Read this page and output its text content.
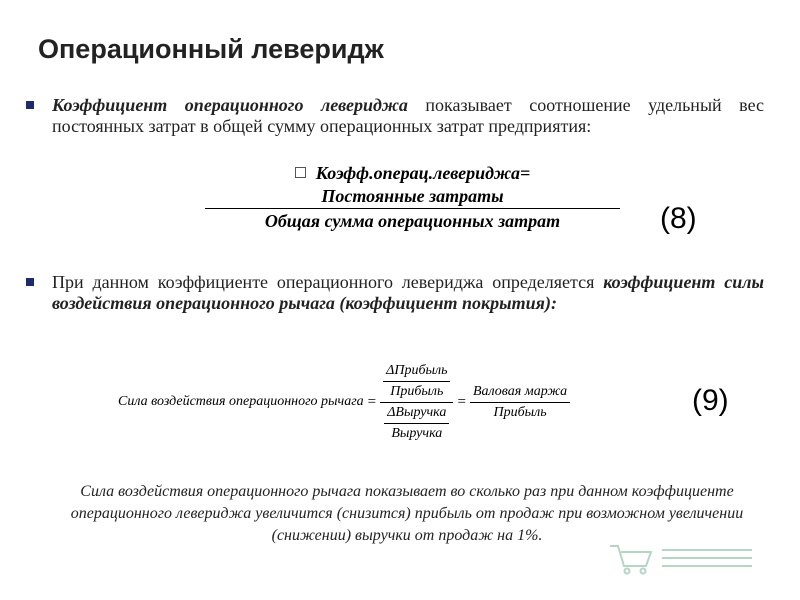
Операционный леверидж
Коэффициент операционного левериджа показывает соотношение удельный вес постоянных затрат в общей сумму операционных затрат предприятия:
Коэфф.операц.левериджа=
Постоянные затраты
Общая сумма операционных затрат	(8)
При данном коэффициенте операционного левериджа определяется коэффициент силы воздействия операционного рычага (коэффициент покрытия):
Сила воздействия операционного рычага = $\frac{\frac{\text{ΔПрибыль}}{\text{Прибыль}}}{\frac{\text{ΔВыручка}}{\text{Выручка}}} = \frac{\text{Валовая маржа}}{\text{Прибыль}}$	(9)
Сила воздействия операционного рычага показывает во сколько раз при данном коэффициенте операционного левериджа увеличится (снизится) прибыль от продаж при возможном увеличении (снижении) выручки от продаж на 1%.
